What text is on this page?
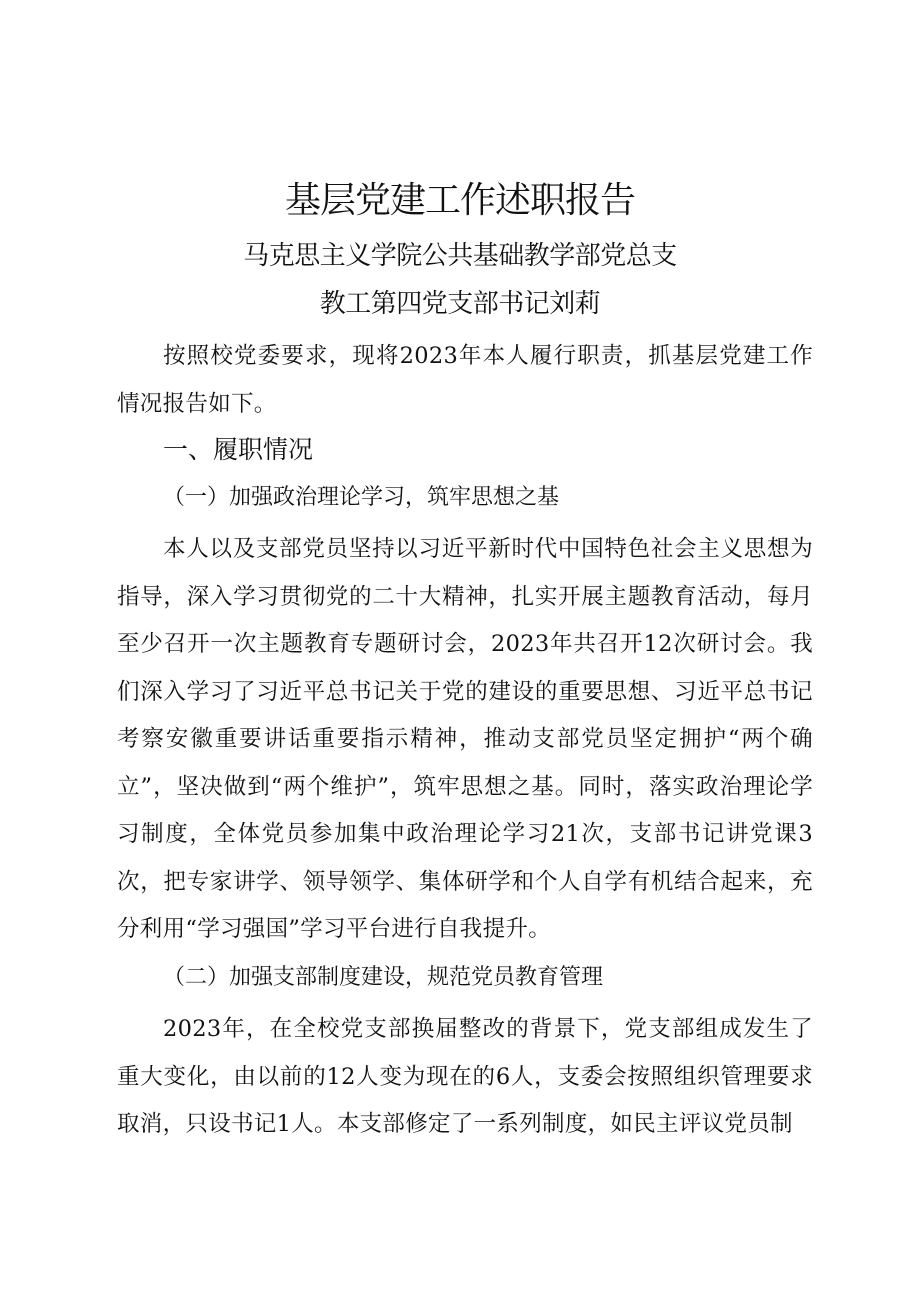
基层党建工作述职报告
马克思主义学院公共基础教学部党总支
教工第四党支部书记刘莉

按照校党委要求，现将2023年本人履行职责，抓基层党建工作情况报告如下。

一、履职情况
（一）加强政治理论学习，筑牢思想之基

本人以及支部党员坚持以习近平新时代中国特色社会主义思想为指导，深入学习贯彻党的二十大精神，扎实开展主题教育活动，每月至少召开一次主题教育专题研讨会，2023年共召开12次研讨会。我们深入学习了习近平总书记关于党的建设的重要思想、习近平总书记考察安徽重要讲话重要指示精神，推动支部党员坚定拥护“两个确立”，坚决做到“两个维护”，筑牢思想之基。同时，落实政治理论学习制度，全体党员参加集中政治理论学习21次，支部书记讲党课3次，把专家讲学、领导领学、集体研学和个人自学有机结合起来，充分利用“学习强国”学习平台进行自我提升。

（二）加强支部制度建设，规范党员教育管理

2023年，在全校党支部换届整改的背景下，党支部组成发生了重大变化，由以前的12人变为现在的6人，支委会按照组织管理要求取消，只设书记1人。本支部修定了一系列制度，如民主评议党员制
